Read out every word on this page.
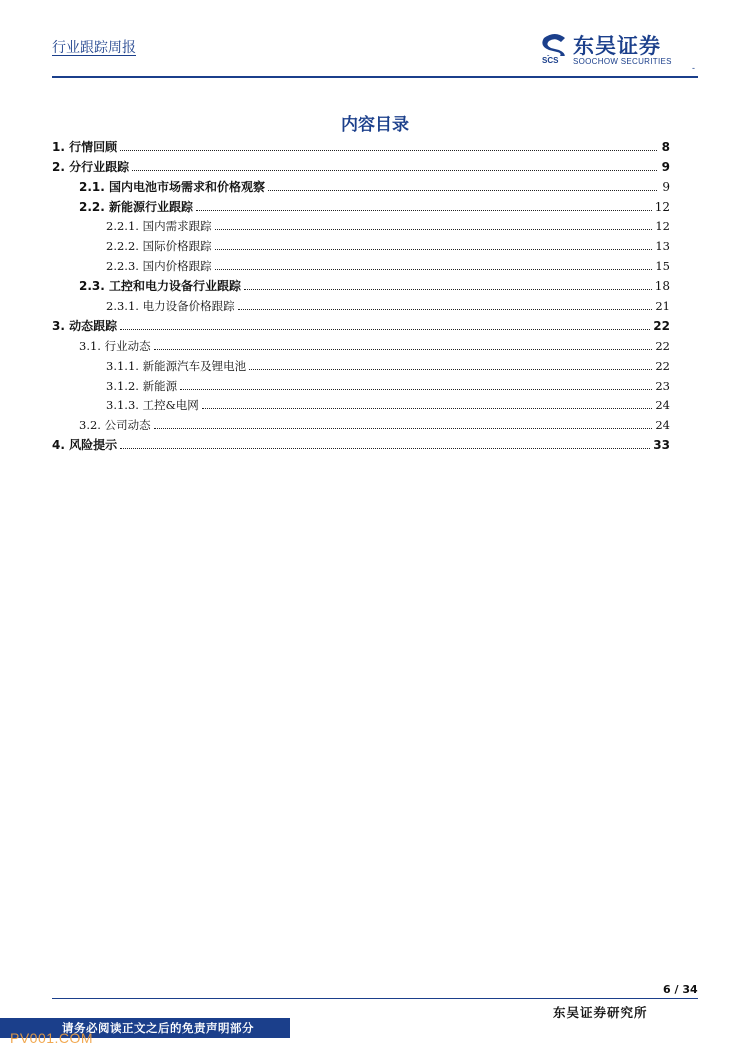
行业跟踪周报
SCS
东吴证券
SOOCHOW SECURITIES
-
内容目录
1. 行情回顾	8
2. 分行业跟踪	9
2.1. 国内电池市场需求和价格观察	9
2.2. 新能源行业跟踪	12
2.2.1. 国内需求跟踪	12
2.2.2. 国际价格跟踪	13
2.2.3. 国内价格跟踪	15
2.3. 工控和电力设备行业跟踪	18
2.3.1. 电力设备价格跟踪	21
3. 动态跟踪	22
3.1. 行业动态	22
3.1.1. 新能源汽车及锂电池	22
3.1.2. 新能源	23
3.1.3. 工控&电网	24
3.2. 公司动态	24
4. 风险提示	33
6 / 34
东吴证券研究所
请务必阅读正文之后的免责声明部分
PV001.COM
